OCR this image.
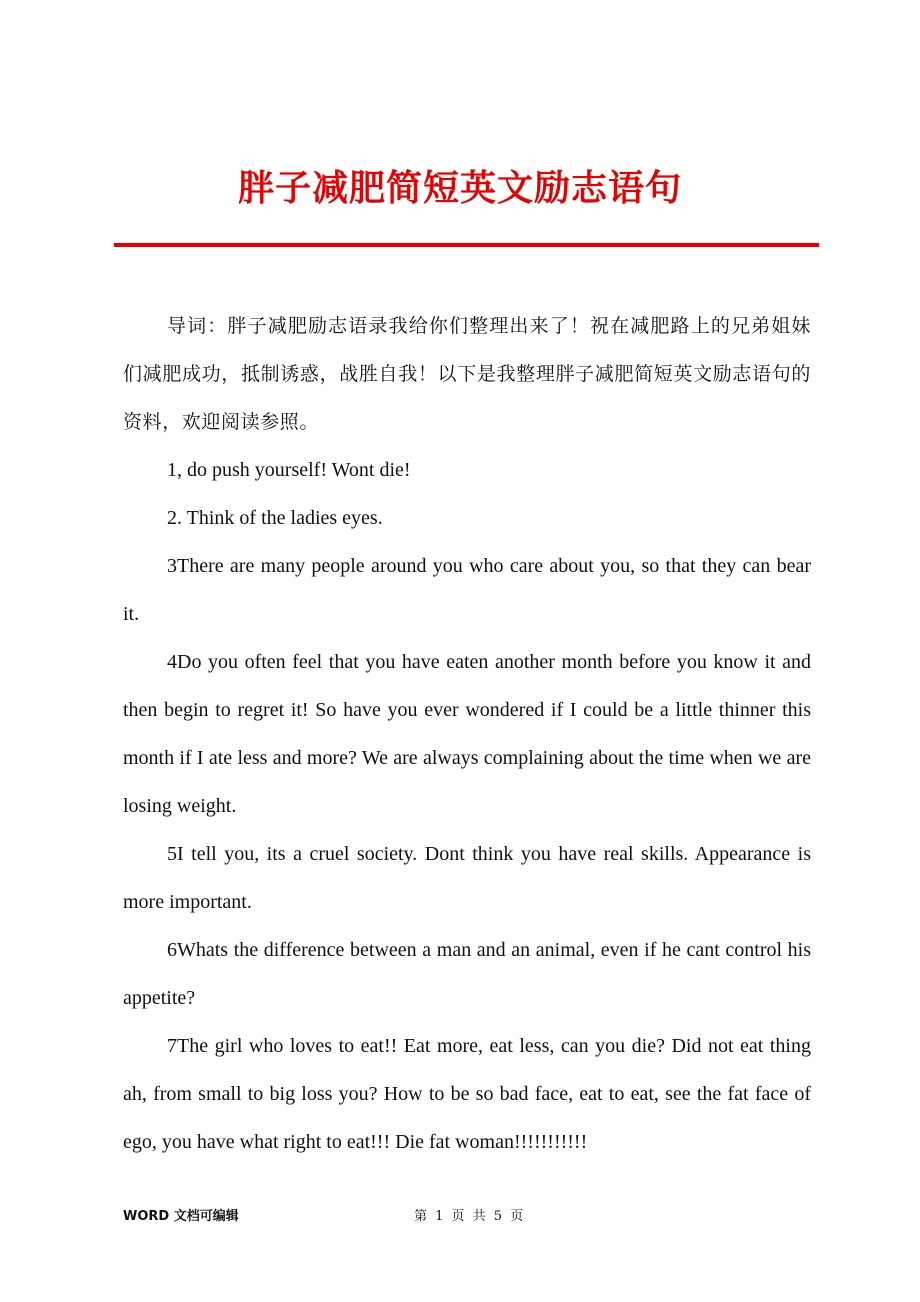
胖子减肥简短英文励志语句

导词：胖子减肥励志语录我给你们整理出来了！祝在减肥路上的兄弟姐妹们减肥成功，抵制诱惑，战胜自我！以下是我整理胖子减肥简短英文励志语句的资料，欢迎阅读参照。

1, do push yourself! Wont die!

2. Think of the ladies eyes.

3There are many people around you who care about you, so that they can bear it.

4Do you often feel that you have eaten another month before you know it and then begin to regret it! So have you ever wondered if I could be a little thinner this month if I ate less and more? We are always complaining about the time when we are losing weight.

5I tell you, its a cruel society. Dont think you have real skills. Appearance is more important.

6Whats the difference between a man and an animal, even if he cant control his appetite?

7The girl who loves to eat!! Eat more, eat less, can you die? Did not eat thing ah, from small to big loss you? How to be so bad face, eat to eat, see the fat face of ego, you have what right to eat!!! Die fat woman!!!!!!!!!!!

WORD 文档可编辑	第 1 页 共 5 页
